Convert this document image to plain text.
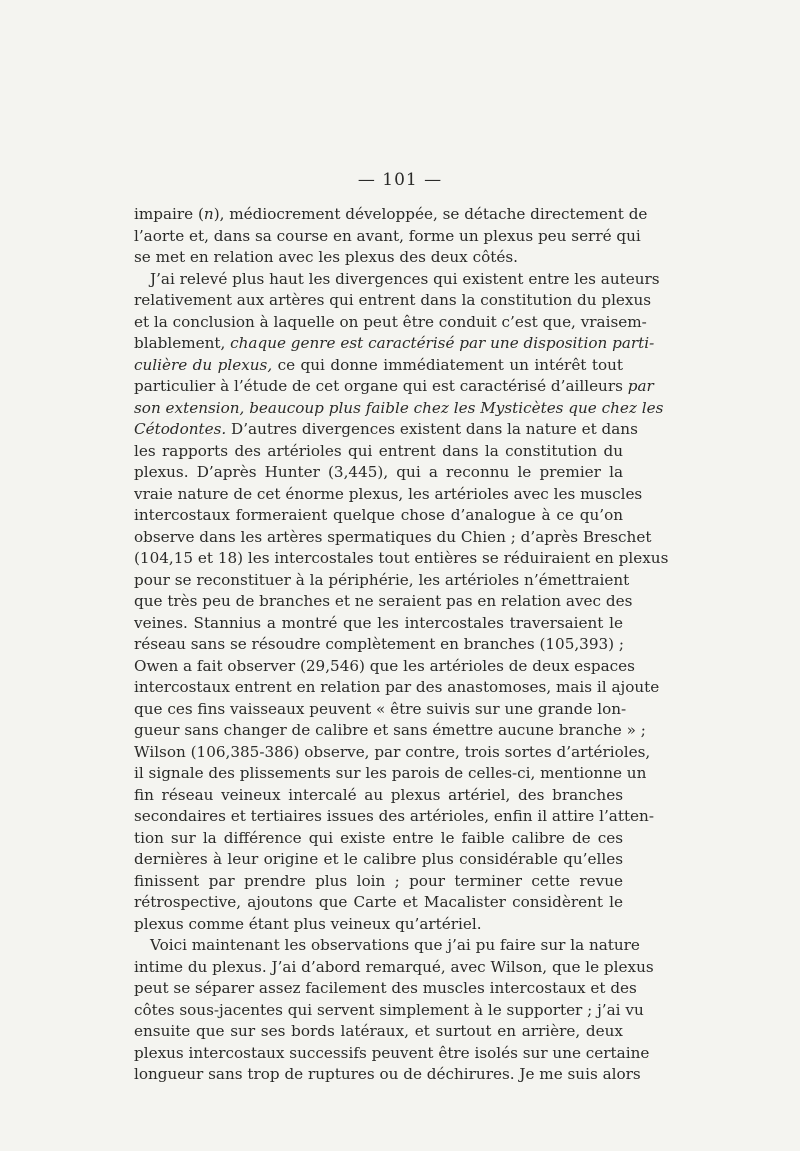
— 101 —
impaire (n), médiocrement développée, se détache directement de
l’aorte et, dans sa course en avant, forme un plexus peu serré qui
se met en relation avec les plexus des deux côtés.
J’ai relevé plus haut les divergences qui existent entre les auteurs
relativement aux artères qui entrent dans la constitution du plexus
et la conclusion à laquelle on peut être conduit c’est que, vraisem-
blablement, chaque genre est caractérisé par une disposition parti-
culière du plexus, ce qui donne immédiatement un intérêt tout
particulier à l’étude de cet organe qui est caractérisé d’ailleurs par
son extension, beaucoup plus faible chez les Mysticètes que chez les
Cétodontes. D’autres divergences existent dans la nature et dans
les rapports des artérioles qui entrent dans la constitution du
plexus. D’après Hunter (3,445), qui a reconnu le premier la
vraie nature de cet énorme plexus, les artérioles avec les muscles
intercostaux formeraient quelque chose d’analogue à ce qu’on
observe dans les artères spermatiques du Chien ; d’après Breschet
(104,15 et 18) les intercostales tout entières se réduiraient en plexus
pour se reconstituer à la périphérie, les artérioles n’émettraient
que très peu de branches et ne seraient pas en relation avec des
veines. Stannius a montré que les intercostales traversaient le
réseau sans se résoudre complètement en branches (105,393) ;
Owen a fait observer (29,546) que les artérioles de deux espaces
intercostaux entrent en relation par des anastomoses, mais il ajoute
que ces fins vaisseaux peuvent « être suivis sur une grande lon-
gueur sans changer de calibre et sans émettre aucune branche » ;
Wilson (106,385-386) observe, par contre, trois sortes d’artérioles,
il signale des plissements sur les parois de celles-ci, mentionne un
fin réseau veineux intercalé au plexus artériel, des branches
secondaires et tertiaires issues des artérioles, enfin il attire l’atten-
tion sur la différence qui existe entre le faible calibre de ces
dernières à leur origine et le calibre plus considérable qu’elles
finissent par prendre plus loin ; pour terminer cette revue
rétrospective, ajoutons que Carte et Macalister considèrent le
plexus comme étant plus veineux qu’artériel.
Voici maintenant les observations que j’ai pu faire sur la nature
intime du plexus. J’ai d’abord remarqué, avec Wilson, que le plexus
peut se séparer assez facilement des muscles intercostaux et des
côtes sous-jacentes qui servent simplement à le supporter ; j’ai vu
ensuite que sur ses bords latéraux, et surtout en arrière, deux
plexus intercostaux successifs peuvent être isolés sur une certaine
longueur sans trop de ruptures ou de déchirures. Je me suis alors
